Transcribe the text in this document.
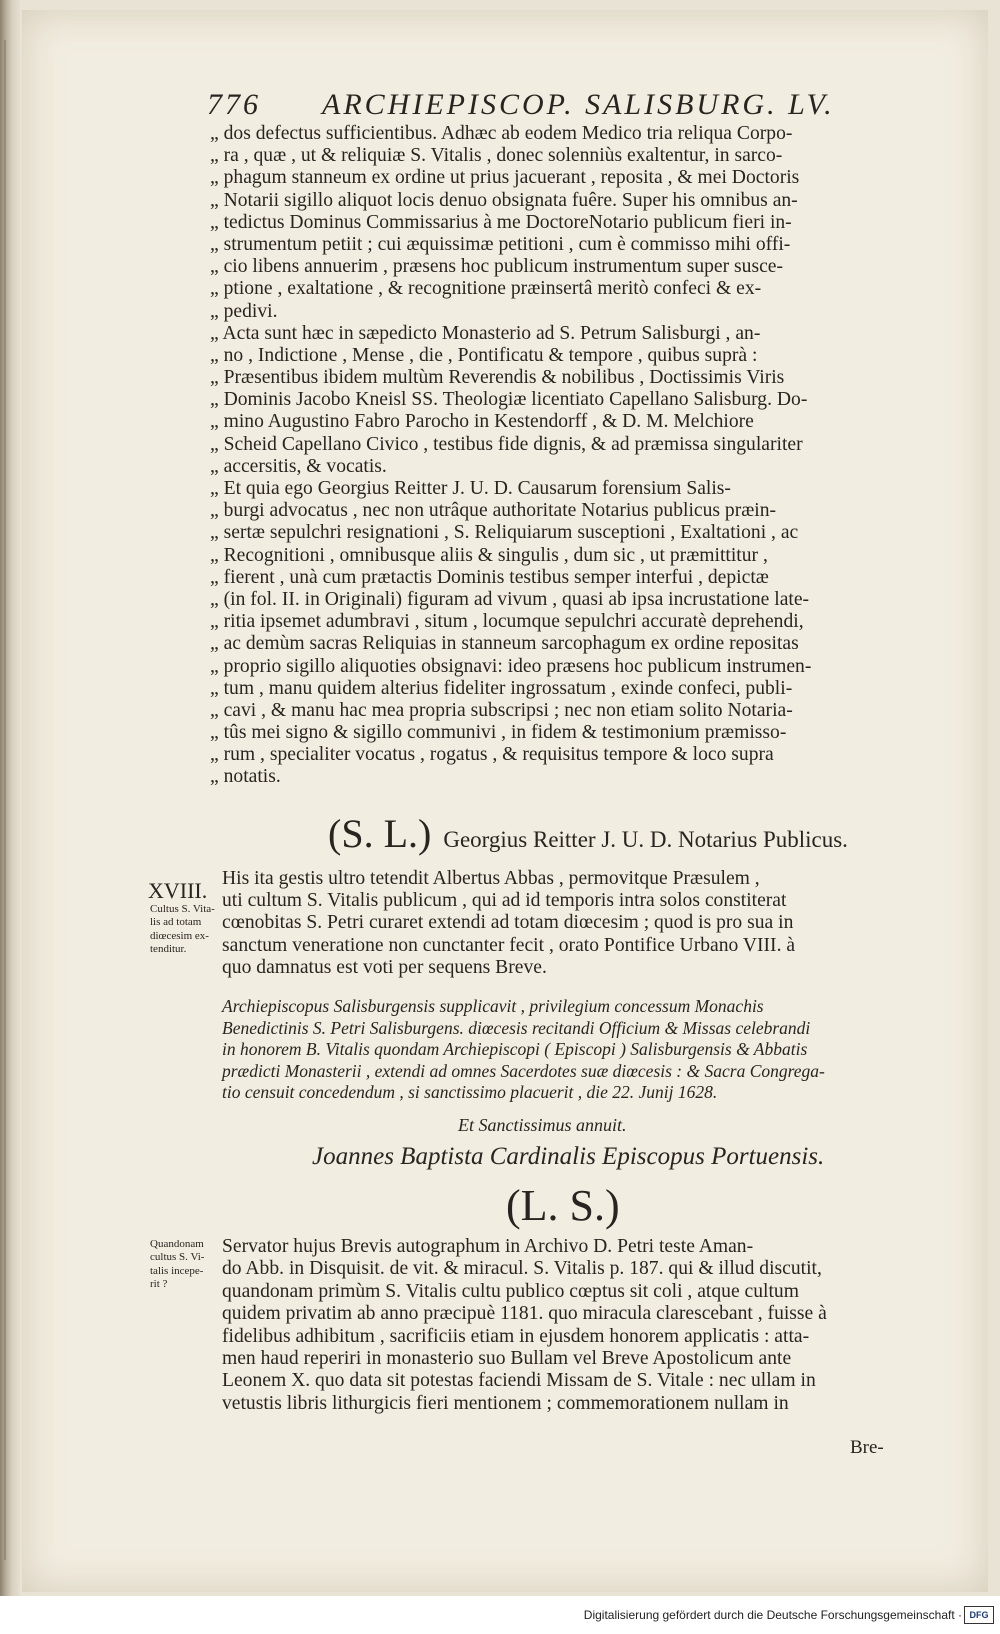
776 ARCHIEPISCOP. SALISBURG. LV.
„ dos defectus sufficientibus. Adhæc ab eodem Medico tria reliqua Corpo-
„ ra , quæ , ut & reliquiæ S. Vitalis , donec solenniùs exaltentur, in sarco-
„ phagum stanneum ex ordine ut prius jacuerant , reposita , & mei Doctoris
„ Notarii sigillo aliquot locis denuo obsignata fuêre. Super his omnibus an-
„ tedictus Dominus Commissarius à me DoctoreNotario publicum fieri in-
„ strumentum petiit ; cui æquissimæ petitioni , cum è commisso mihi offi-
„ cio libens annuerim , præsens hoc publicum instrumentum super susce-
„ ptione , exaltatione , & recognitione præinsertâ meritò confeci & ex-
„ pedivi.
„ Acta sunt hæc in sæpedicto Monasterio ad S. Petrum Salisburgi , an-
„ no , Indictione , Mense , die , Pontificatu & tempore , quibus suprà :
„ Præsentibus ibidem multùm Reverendis & nobilibus , Doctissimis Viris
„ Dominis Jacobo Kneisl SS. Theologiæ licentiato Capellano Salisburg. Do-
„ mino Augustino Fabro Parocho in Kestendorff , & D. M. Melchiore
„ Scheid Capellano Civico , testibus fide dignis, & ad præmissa singulariter
„ accersitis, & vocatis.
„ Et quia ego Georgius Reitter J. U. D. Causarum forensium Salis-
„ burgi advocatus , nec non utrâque authoritate Notarius publicus præin-
„ sertæ sepulchri resignationi , S. Reliquiarum susceptioni , Exaltationi , ac
„ Recognitioni , omnibusque aliis & singulis , dum sic , ut præmittitur ,
„ fierent , unà cum prætactis Dominis testibus semper interfui , depictæ
„ (in fol. II. in Originali) figuram ad vivum , quasi ab ipsa incrustatione late-
„ ritia ipsemet adumbravi , situm , locumque sepulchri accuratè deprehendi,
„ ac demùm sacras Reliquias in stanneum sarcophagum ex ordine repositas
„ proprio sigillo aliquoties obsignavi: ideo præsens hoc publicum instrumen-
„ tum , manu quidem alterius fideliter ingrossatum , exinde confeci, publi-
„ cavi , & manu hac mea propria subscripsi ; nec non etiam solito Notaria-
„ tûs mei signo & sigillo communivi , in fidem & testimonium præmisso-
„ rum , specialiter vocatus , rogatus , & requisitus tempore & loco supra
„ notatis.
(S. L.) Georgius Reitter J. U. D. Notarius Publicus.
XVIII.
Cultus S. Vita-
lis ad totam
diœcesim ex-
tenditur.
His ita gestis ultro tetendit Albertus Abbas , permovitque Præsulem ,
uti cultum S. Vitalis publicum , qui ad id temporis intra solos constiterat
cœnobitas S. Petri curaret extendi ad totam diœcesim ; quod is pro sua in
sanctum veneratione non cunctanter fecit , orato Pontifice Urbano VIII. à
quo damnatus est voti per sequens Breve.
Archiepiscopus Salisburgensis supplicavit , privilegium concessum Monachis
Benedictinis S. Petri Salisburgens. diœcesis recitandi Officium & Missas celebrandi
in honorem B. Vitalis quondam Archiepiscopi ( Episcopi ) Salisburgensis & Abbatis
prædicti Monasterii , extendi ad omnes Sacerdotes suæ diœcesis : & Sacra Congrega-
tio censuit concedendum , si sanctissimo placuerit , die 22. Junij 1628.
Et Sanctissimus annuit.
Joannes Baptista Cardinalis Episcopus Portuensis.
(L. S.)
Quandonam
cultus S. Vi-
talis incepe-
rit ?
Servator hujus Brevis autographum in Archivo D. Petri teste Aman-
do Abb. in Disquisit. de vit. & miracul. S. Vitalis p. 187. qui & illud discutit,
quandonam primùm S. Vitalis cultu publico cœptus sit coli , atque cultum
quidem privatim ab anno præcipuè 1181. quo miracula clarescebant , fuisse à
fidelibus adhibitum , sacrificiis etiam in ejusdem honorem applicatis : atta-
men haud reperiri in monasterio suo Bullam vel Breve Apostolicum ante
Leonem X. quo data sit potestas faciendi Missam de S. Vitale : nec ullam in
vetustis libris lithurgicis fieri mentionem ; commemorationem nullam in
Bre-
Digitalisierung gefördert durch die Deutsche Forschungsgemeinschaft · DFG
